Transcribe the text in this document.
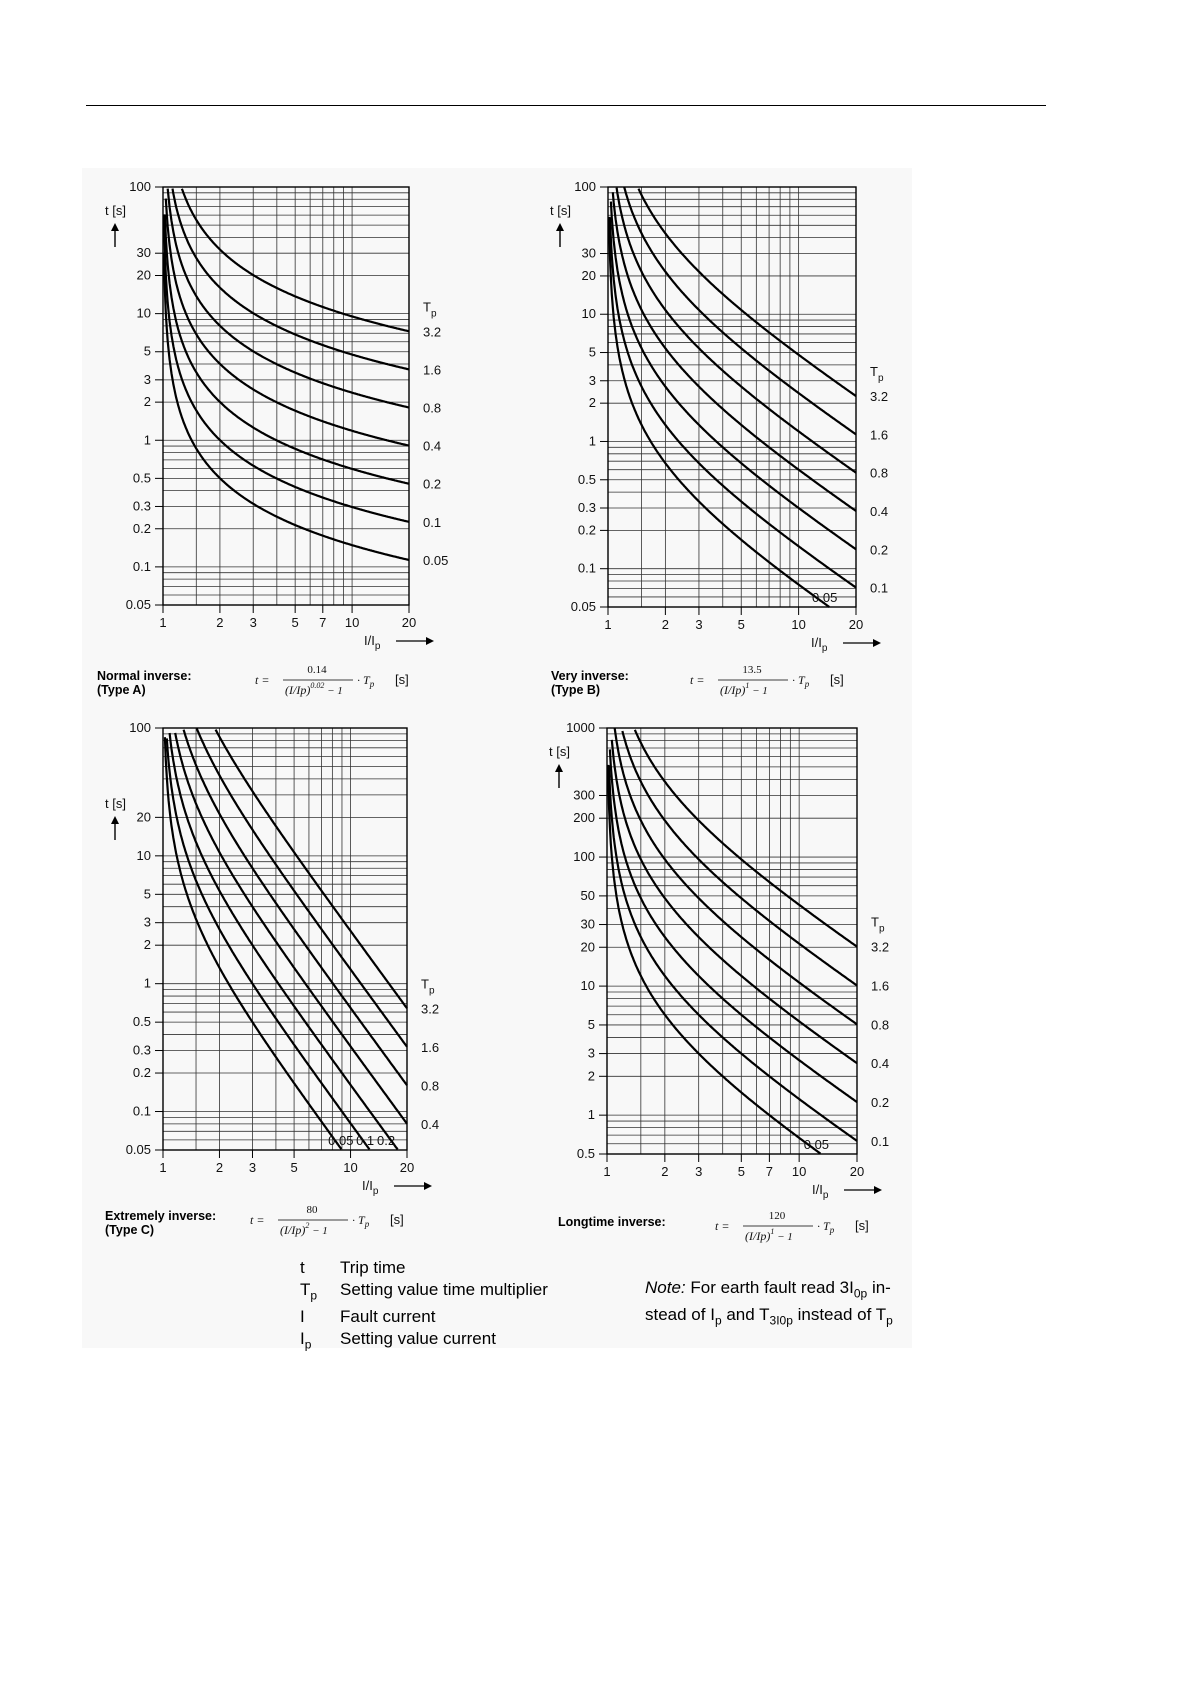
100
30
20
10
5
3
2
1
0.5
0.3
0.2
0.1
0.05
1	2 3	5 7 10	20
t [s]
$I/I_p$
3.2
1.6
0.8
0.4
0.2
0.1
0.05
$T_p$
Normal inverse:
(Type A)
t =
0.14
$(I/Ip)^{0.02} - 1$
· $T_p$ [s]
100
30
20
10
5
3
2
1
0.5
0.3
0.2
0.1
0.05
1	2 3	5	10	20
t [s]
$I/I_p$
3.2
1.6
0.8
0.4
0.2
0.1
0.05
$T_p$
Very inverse:
(Type B)
t =
13.5
$(I/Ip)^1 - 1$
· $T_p$ [s]
100
20
10
5
3
2
1
0.5
0.3
0.2
0.1
0.05
1	2 3	5	10	20
t [s]
$I/I_p$
3.2
1.6
0.8
0.4
0.2
0.1
0.05
$T_p$
Extremely inverse:
(Type C)
t =
80
$(I/Ip)^2 - 1$
· $T_p$ [s]
1000
300
200
100
50
30
20
10
5
3
2
1
0.5
1	2 3	5 7 10	20
t [s]
$I/I_p$
3.2
1.6
0.8
0.4
0.2
0.1
0.05
$T_p$
Longtime inverse:	t =
120
$(I/Ip)^1 - 1$
· $T_p$ [s]
t	Trip time
$T_p$	Setting value time multiplier
I	Fault current
$I_p$	Setting value current
Note: For earth fault read $3I_{0p}$ in-
stead of $I_p$ and $T_{3I0p}$ instead of $T_p$
